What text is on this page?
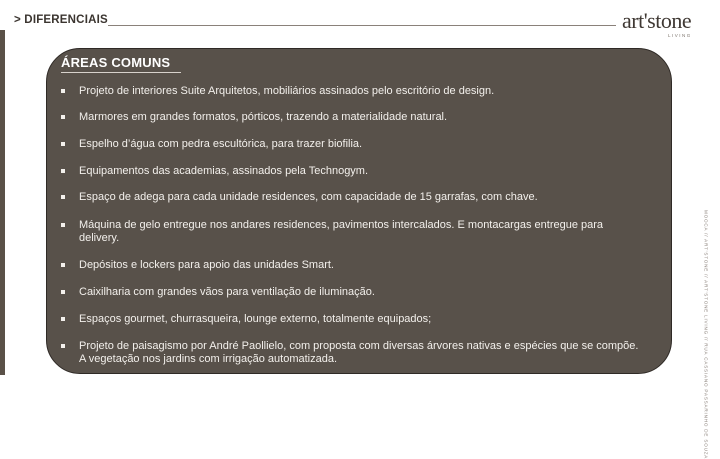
> DIFERENCIAIS	art'stone
LIVING
ÁREAS COMUNS
Projeto de interiores Suite Arquitetos, mobiliários assinados pelo escritório de design.
Marmores em grandes formatos, pórticos, trazendo a materialidade natural.
Espelho d’água com pedra escultórica, para trazer biofilia.
Equipamentos das academias, assinados pela Technogym.
Espaço de adega para cada unidade residences, com capacidade de 15 garrafas, com chave.
Máquina de gelo entregue nos andares residences, pavimentos intercalados. E montacargas entregue para delivery.
Depósitos e lockers para apoio das unidades Smart.
Caixilharia com grandes vãos para ventilação de iluminação.
Espaços gourmet, churrasqueira, lounge externo, totalmente equipados;
Projeto de paisagismo por André Paollielo, com proposta com diversas árvores nativas e espécies que se compõe. A vegetação nos jardins com irrigação automatizada.	MOOCA // ART'STONE // ART'STONE LIVING // RUA CASSIANO PASSARINHO DE SOUZA
